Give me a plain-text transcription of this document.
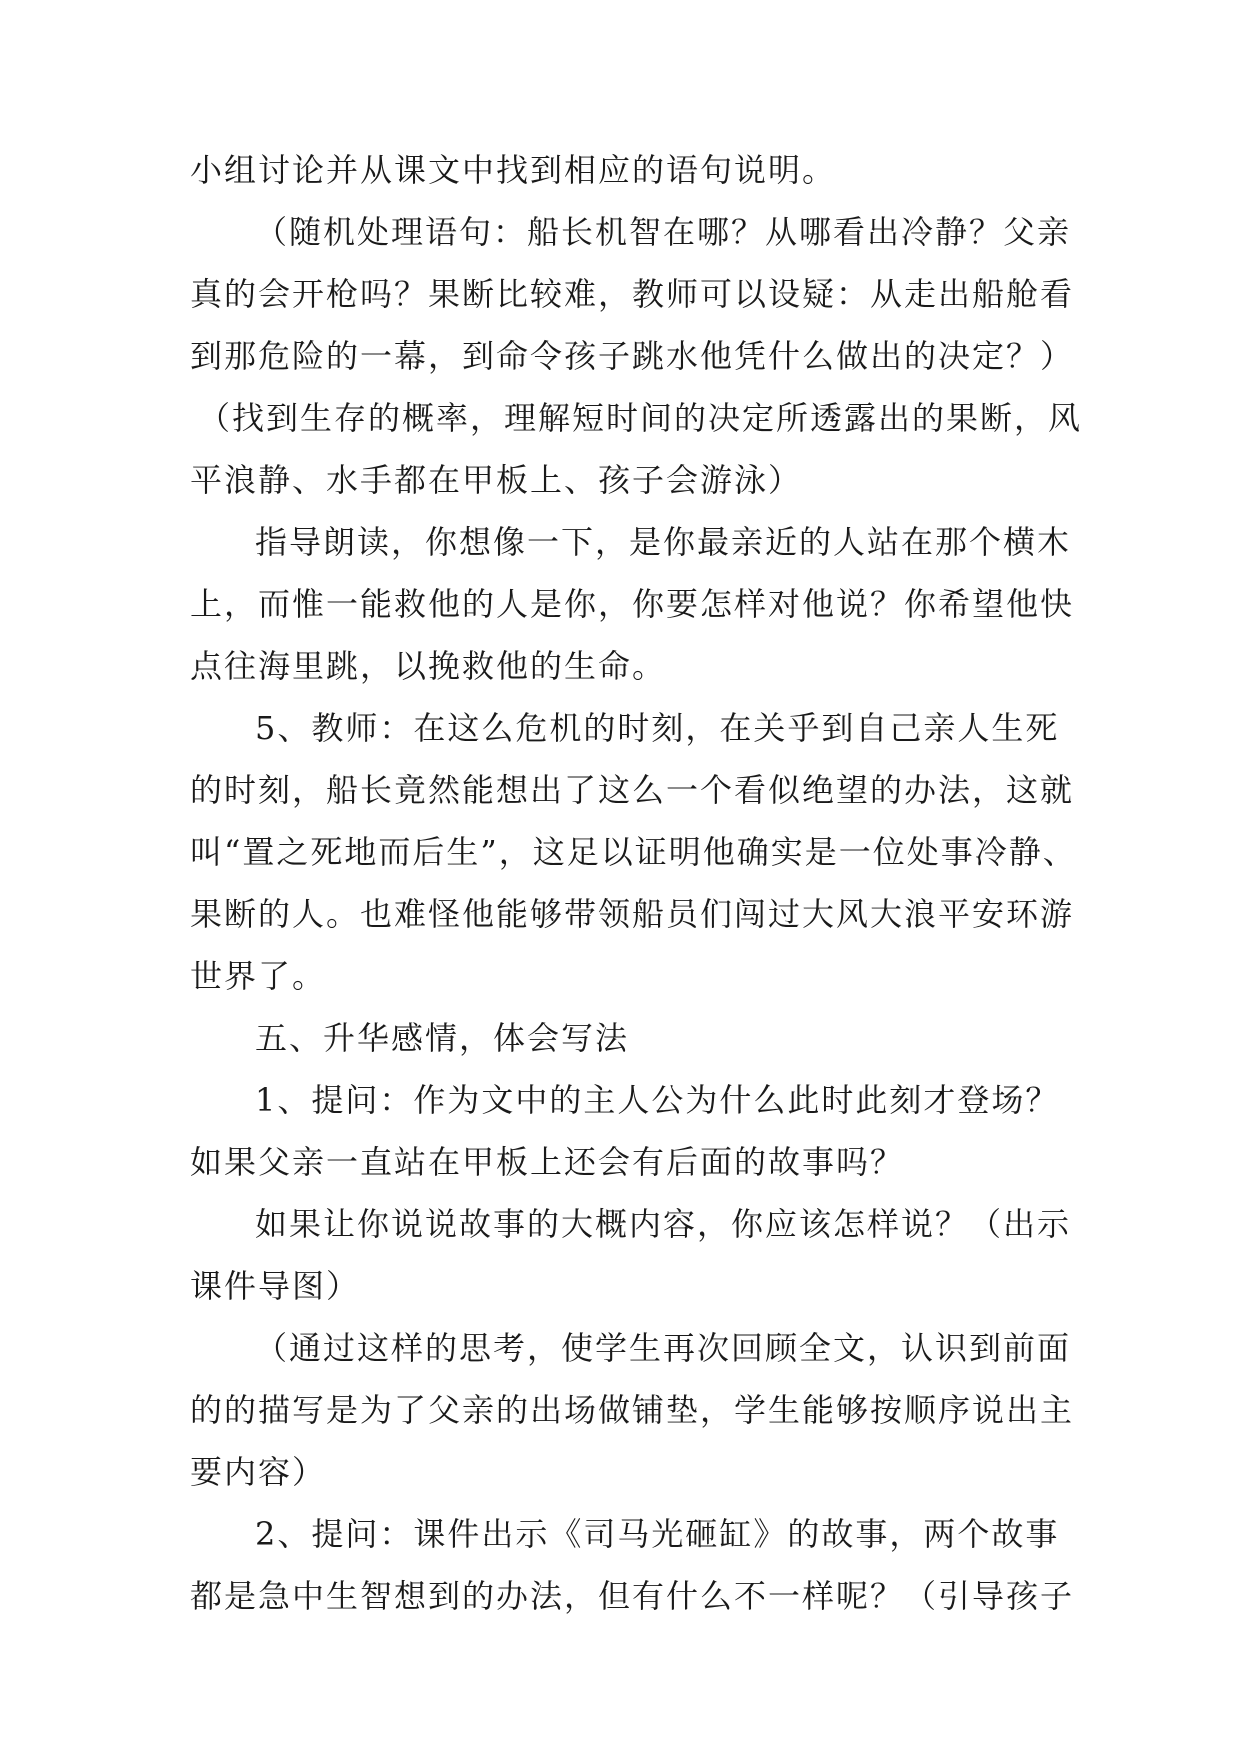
小组讨论并从课文中找到相应的语句说明。
（随机处理语句：船长机智在哪？从哪看出冷静？父亲
真的会开枪吗？果断比较难，教师可以设疑：从走出船舱看
到那危险的一幕，到命令孩子跳水他凭什么做出的决定？）
（找到生存的概率，理解短时间的决定所透露出的果断，风
平浪静、水手都在甲板上、孩子会游泳）
指导朗读，你想像一下，是你最亲近的人站在那个横木
上，而惟一能救他的人是你，你要怎样对他说？你希望他快
点往海里跳，以挽救他的生命。
5、教师：在这么危机的时刻，在关乎到自己亲人生死
的时刻，船长竟然能想出了这么一个看似绝望的办法，这就
叫“置之死地而后生”，这足以证明他确实是一位处事冷静、
果断的人。也难怪他能够带领船员们闯过大风大浪平安环游
世界了。
五、升华感情，体会写法
1、提问：作为文中的主人公为什么此时此刻才登场？
如果父亲一直站在甲板上还会有后面的故事吗？
如果让你说说故事的大概内容，你应该怎样说？（出示
课件导图）
（通过这样的思考，使学生再次回顾全文，认识到前面
的的描写是为了父亲的出场做铺垫，学生能够按顺序说出主
要内容）
2、提问：课件出示《司马光砸缸》的故事，两个故事
都是急中生智想到的办法，但有什么不一样呢？（引导孩子
